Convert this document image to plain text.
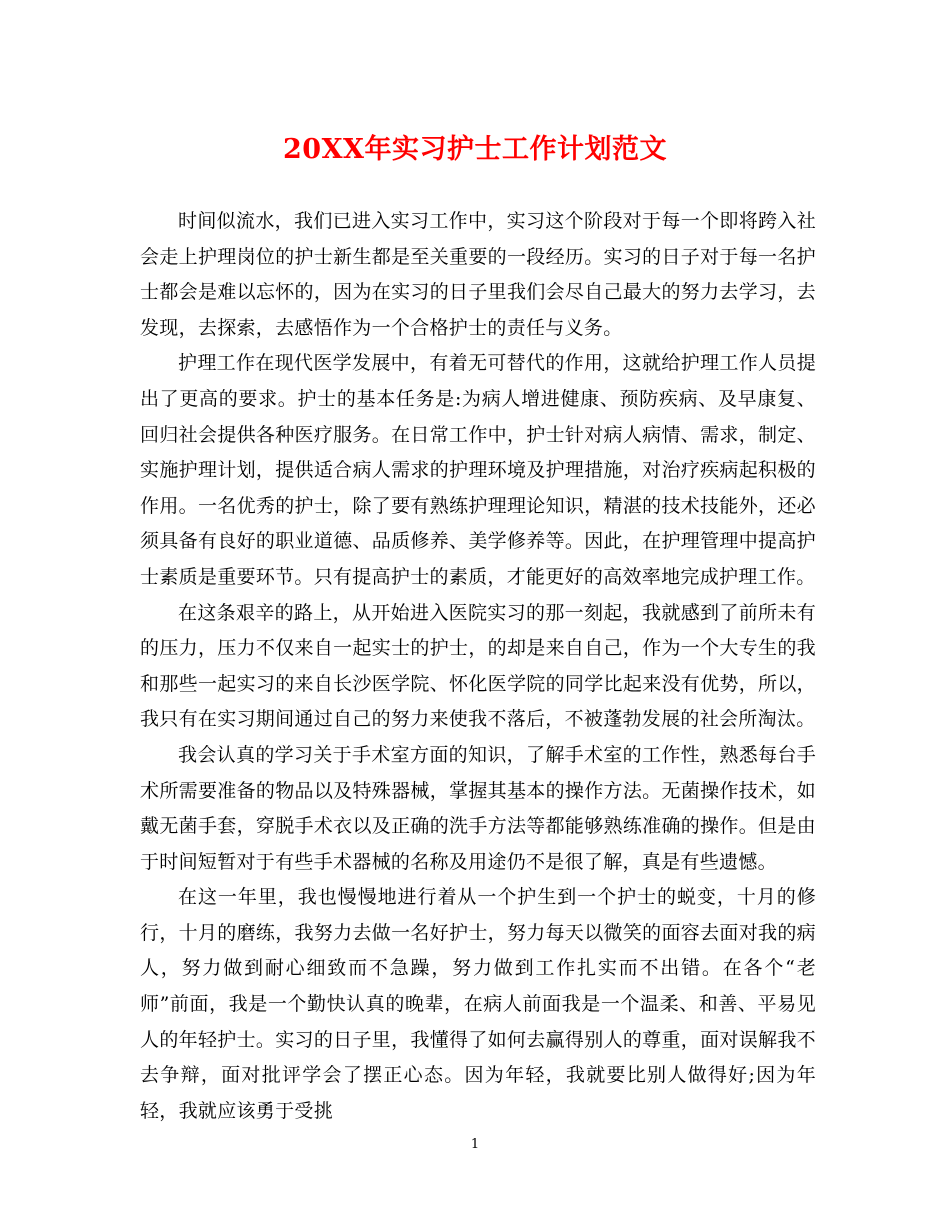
20XX年实习护士工作计划范文

时间似流水，我们已进入实习工作中，实习这个阶段对于每一个即将跨入社会走上护理岗位的护士新生都是至关重要的一段经历。实习的日子对于每一名护士都会是难以忘怀的，因为在实习的日子里我们会尽自己最大的努力去学习，去发现，去探索，去感悟作为一个合格护士的责任与义务。

护理工作在现代医学发展中，有着无可替代的作用，这就给护理工作人员提出了更高的要求。护士的基本任务是:为病人增进健康、预防疾病、及早康复、回归社会提供各种医疗服务。在日常工作中，护士针对病人病情、需求，制定、实施护理计划，提供适合病人需求的护理环境及护理措施，对治疗疾病起积极的作用。一名优秀的护士，除了要有熟练护理理论知识，精湛的技术技能外，还必须具备有良好的职业道德、品质修养、美学修养等。因此，在护理管理中提高护士素质是重要环节。只有提高护士的素质，才能更好的高效率地完成护理工作。

在这条艰辛的路上，从开始进入医院实习的那一刻起，我就感到了前所未有的压力，压力不仅来自一起实士的护士，的却是来自自己，作为一个大专生的我和那些一起实习的来自长沙医学院、怀化医学院的同学比起来没有优势，所以，我只有在实习期间通过自己的努力来使我不落后，不被蓬勃发展的社会所淘汰。

我会认真的学习关于手术室方面的知识，了解手术室的工作性，熟悉每台手术所需要准备的物品以及特殊器械，掌握其基本的操作方法。无菌操作技术，如戴无菌手套，穿脱手术衣以及正确的洗手方法等都能够熟练准确的操作。但是由于时间短暂对于有些手术器械的名称及用途仍不是很了解，真是有些遗憾。

在这一年里，我也慢慢地进行着从一个护生到一个护士的蜕变，十月的修行，十月的磨练，我努力去做一名好护士，努力每天以微笑的面容去面对我的病人，努力做到耐心细致而不急躁，努力做到工作扎实而不出错。在各个“老师”前面，我是一个勤快认真的晚辈，在病人前面我是一个温柔、和善、平易见人的年轻护士。实习的日子里，我懂得了如何去赢得别人的尊重，面对误解我不去争辩，面对批评学会了摆正心态。因为年轻，我就要比别人做得好;因为年轻，我就应该勇于受挑

1
